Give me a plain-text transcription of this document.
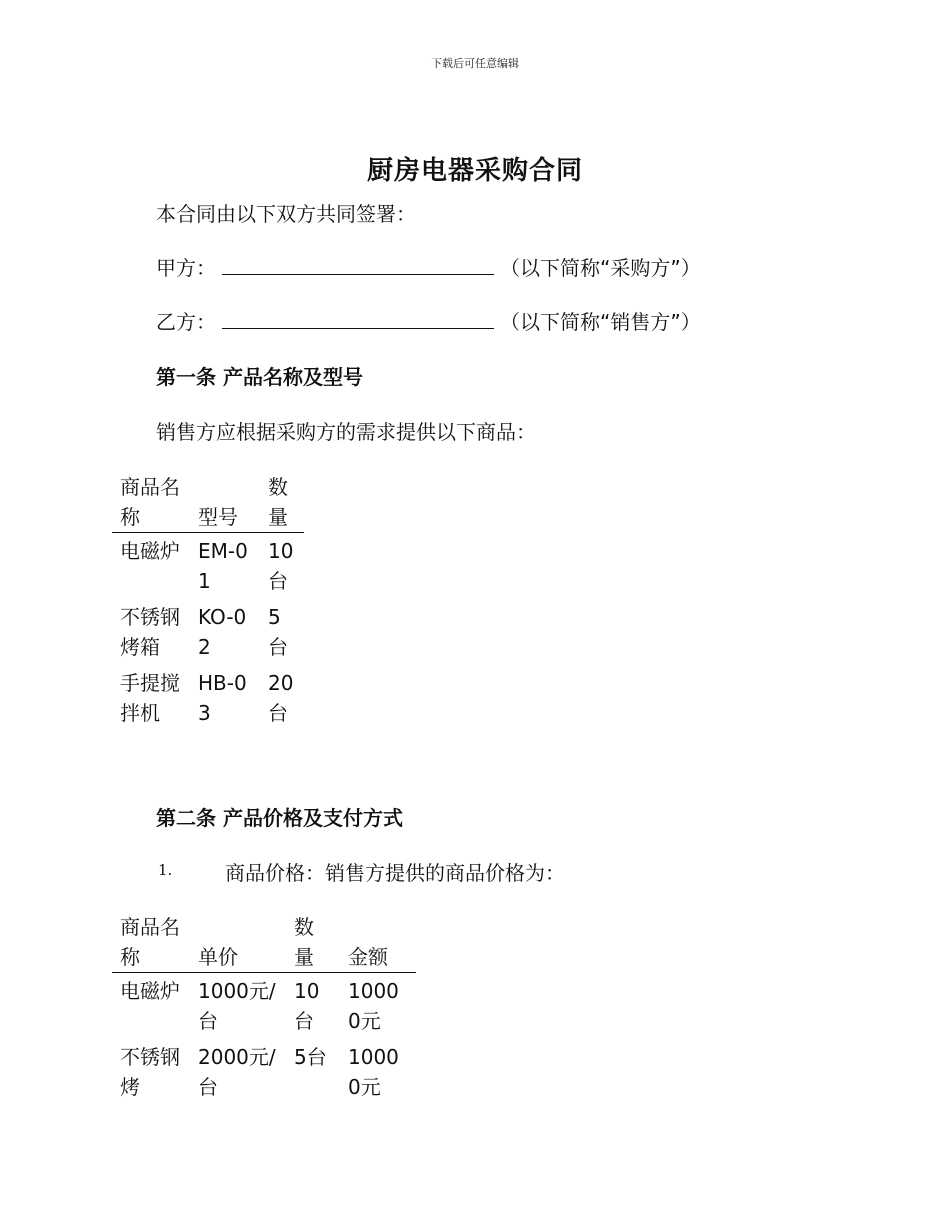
下载后可任意编辑
厨房电器采购合同
本合同由以下双方共同签署：
甲方：	（以下简称“采购方”）
乙方：	（以下简称“销售方”）
第一条 产品名称及型号
销售方应根据采购方的需求提供以下商品：
商品名称	型号	数量
电磁炉	EM-01	10台
不锈钢烤箱	KO-02	5台
手提搅拌机	HB-03	20台
第二条 产品价格及支付方式
1.	商品价格：销售方提供的商品价格为：
商品名称	单价	数量	金额
电磁炉	1000元/台	10台	10000元
不锈钢烤	2000元/台	5台	10000元
